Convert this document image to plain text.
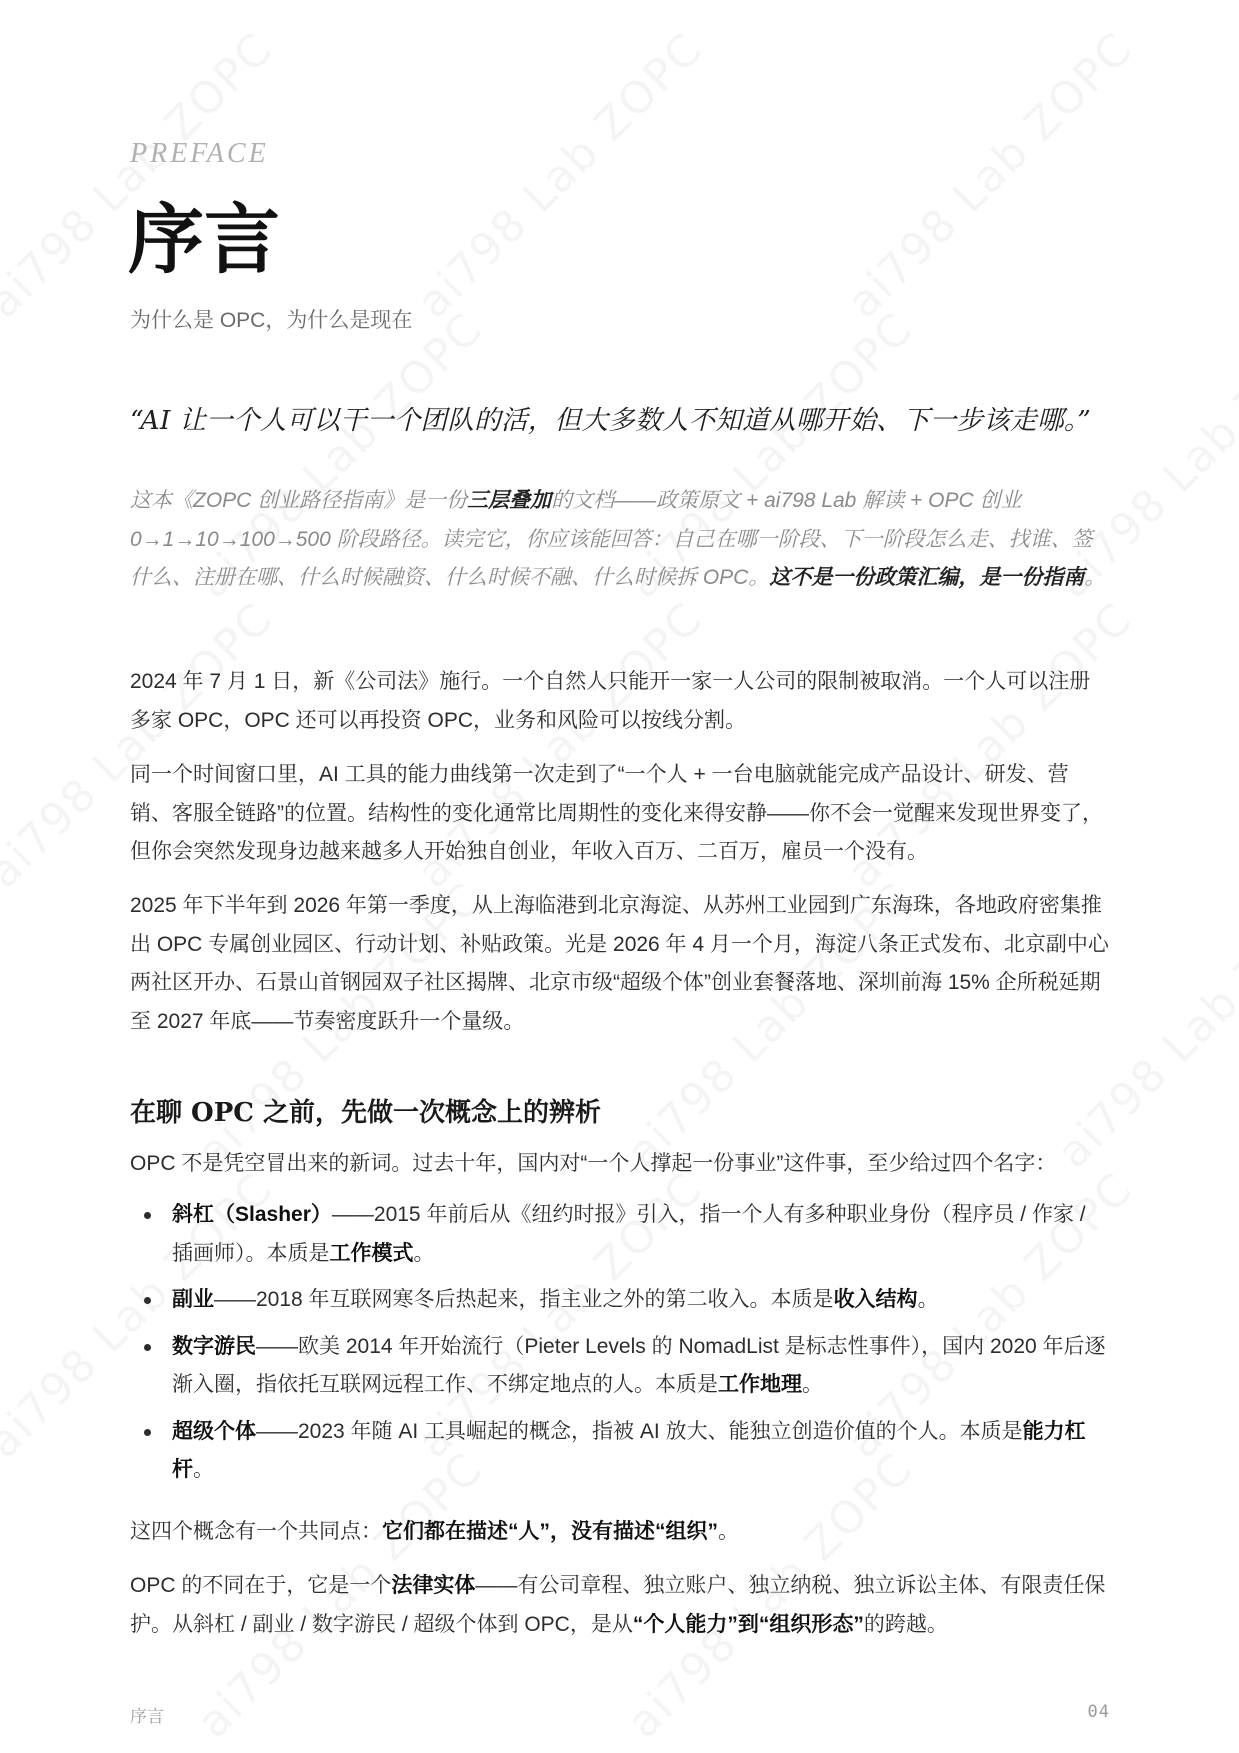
PREFACE
序言
为什么是 OPC，为什么是现在
“AI 让一个人可以干一个团队的活，但大多数人不知道从哪开始、下一步该走哪。”

这本《ZOPC 创业路径指南》是一份三层叠加的文档——政策原文 + ai798 Lab 解读 + OPC 创业 0→1→10→100→500 阶段路径。读完它，你应该能回答：自己在哪一阶段、下一阶段怎么走、找谁、签什么、注册在哪、什么时候融资、什么时候不融、什么时候拆 OPC。这不是一份政策汇编，是一份指南。

2024 年 7 月 1 日，新《公司法》施行。一个自然人只能开一家一人公司的限制被取消。一个人可以注册多家 OPC，OPC 还可以再投资 OPC，业务和风险可以按线分割。

同一个时间窗口里，AI 工具的能力曲线第一次走到了“一个人 + 一台电脑就能完成产品设计、研发、营销、客服全链路”的位置。结构性的变化通常比周期性的变化来得安静——你不会一觉醒来发现世界变了，但你会突然发现身边越来越多人开始独自创业，年收入百万、二百万，雇员一个没有。

2025 年下半年到 2026 年第一季度，从上海临港到北京海淀、从苏州工业园到广东海珠，各地政府密集推出 OPC 专属创业园区、行动计划、补贴政策。光是 2026 年 4 月一个月，海淀八条正式发布、北京副中心两社区开办、石景山首钢园双子社区揭牌、北京市级“超级个体”创业套餐落地、深圳前海 15% 企所税延期至 2027 年底——节奏密度跃升一个量级。

在聊 OPC 之前，先做一次概念上的辨析

OPC 不是凭空冒出来的新词。过去十年，国内对“一个人撑起一份事业”这件事，至少给过四个名字：

斜杠（Slasher）——2015 年前后从《纽约时报》引入，指一个人有多种职业身份（程序员 / 作家 / 插画师）。本质是工作模式。
副业——2018 年互联网寒冬后热起来，指主业之外的第二收入。本质是收入结构。
数字游民——欧美 2014 年开始流行（Pieter Levels 的 NomadList 是标志性事件），国内 2020 年后逐渐入圈，指依托互联网远程工作、不绑定地点的人。本质是工作地理。
超级个体——2023 年随 AI 工具崛起的概念，指被 AI 放大、能独立创造价值的个人。本质是能力杠杆。

这四个概念有一个共同点：它们都在描述“人”，没有描述“组织”。

OPC 的不同在于，它是一个法律实体——有公司章程、独立账户、独立纳税、独立诉讼主体、有限责任保护。从斜杠 / 副业 / 数字游民 / 超级个体到 OPC，是从“个人能力”到“组织形态”的跨越。

序言	04
